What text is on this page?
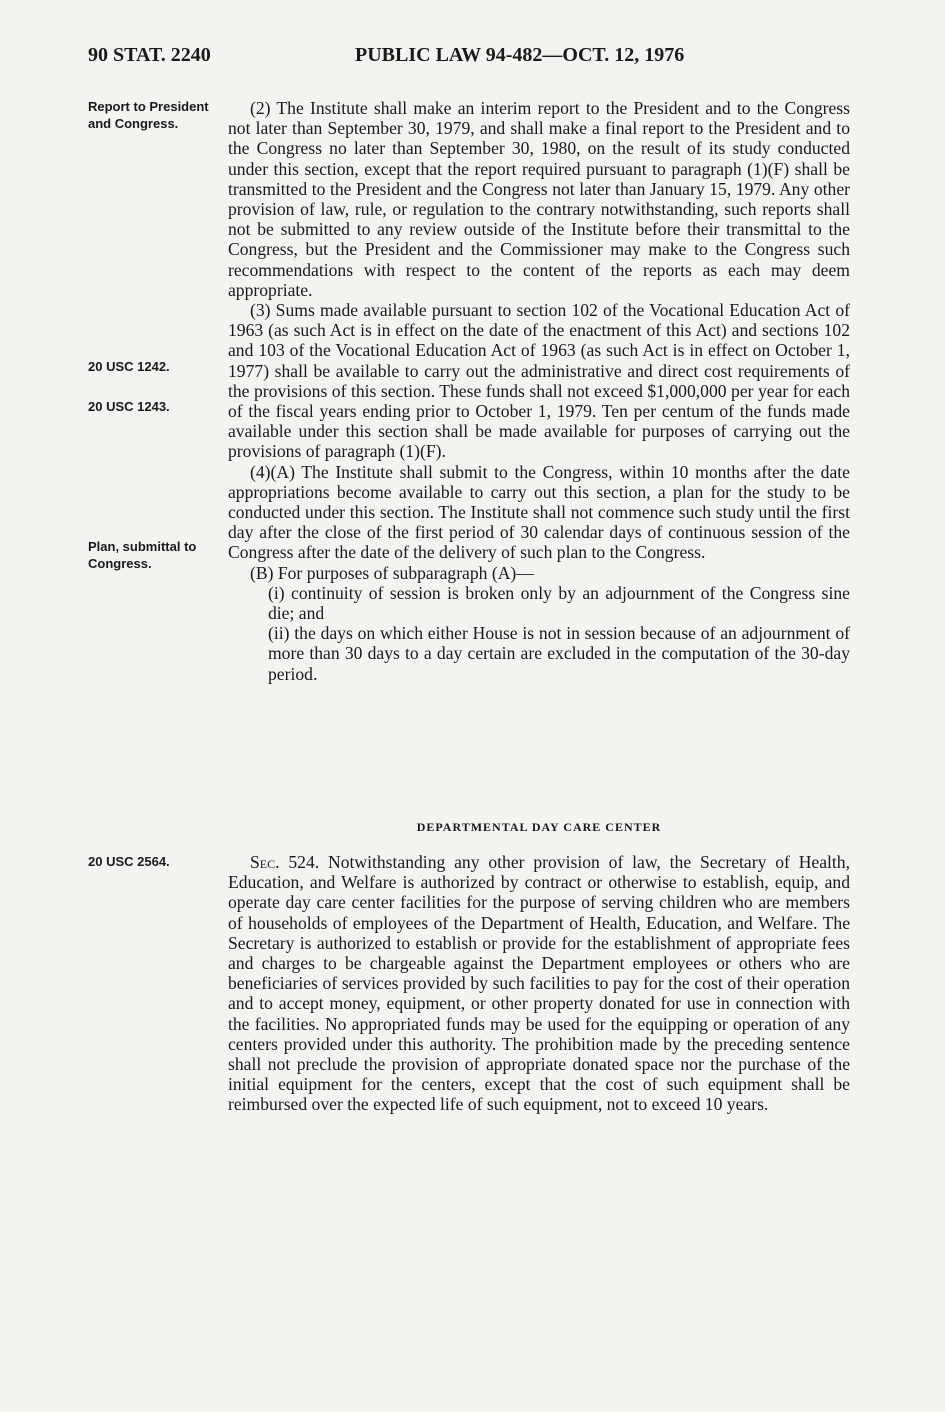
90 STAT. 2240	PUBLIC LAW 94-482—OCT. 12, 1976
Report to President and Congress.
20 USC 1242.
20 USC 1243.
Plan, submittal to Congress.
20 USC 2564.

(2) The Institute shall make an interim report to the President and to the Congress not later than September 30, 1979, and shall make a final report to the President and to the Congress no later than September 30, 1980, on the result of its study conducted under this section, except that the report required pursuant to paragraph (1)(F) shall be transmitted to the President and the Congress not later than January 15, 1979. Any other provision of law, rule, or regulation to the contrary notwithstanding, such reports shall not be submitted to any review outside of the Institute before their transmittal to the Congress, but the President and the Commissioner may make to the Congress such recommendations with respect to the content of the reports as each may deem appropriate.

(3) Sums made available pursuant to section 102 of the Vocational Education Act of 1963 (as such Act is in effect on the date of the enactment of this Act) and sections 102 and 103 of the Vocational Education Act of 1963 (as such Act is in effect on October 1, 1977) shall be available to carry out the administrative and direct cost requirements of the provisions of this section. These funds shall not exceed $1,000,000 per year for each of the fiscal years ending prior to October 1, 1979. Ten per centum of the funds made available under this section shall be made available for purposes of carrying out the provisions of paragraph (1)(F).

(4)(A) The Institute shall submit to the Congress, within 10 months after the date appropriations become available to carry out this section, a plan for the study to be conducted under this section. The Institute shall not commence such study until the first day after the close of the first period of 30 calendar days of continuous session of the Congress after the date of the delivery of such plan to the Congress.

(B) For purposes of subparagraph (A)—

(i) continuity of session is broken only by an adjournment of the Congress sine die; and

(ii) the days on which either House is not in session because of an adjournment of more than 30 days to a day certain are excluded in the computation of the 30-day period.

DEPARTMENTAL DAY CARE CENTER

Sec. 524. Notwithstanding any other provision of law, the Secretary of Health, Education, and Welfare is authorized by contract or otherwise to establish, equip, and operate day care center facilities for the purpose of serving children who are members of households of employees of the Department of Health, Education, and Welfare. The Secretary is authorized to establish or provide for the establishment of appropriate fees and charges to be chargeable against the Department employees or others who are beneficiaries of services provided by such facilities to pay for the cost of their operation and to accept money, equipment, or other property donated for use in connection with the facilities. No appropriated funds may be used for the equipping or operation of any centers provided under this authority. The prohibition made by the preceding sentence shall not preclude the provision of appropriate donated space nor the purchase of the initial equipment for the centers, except that the cost of such equipment shall be reimbursed over the expected life of such equipment, not to exceed 10 years.
